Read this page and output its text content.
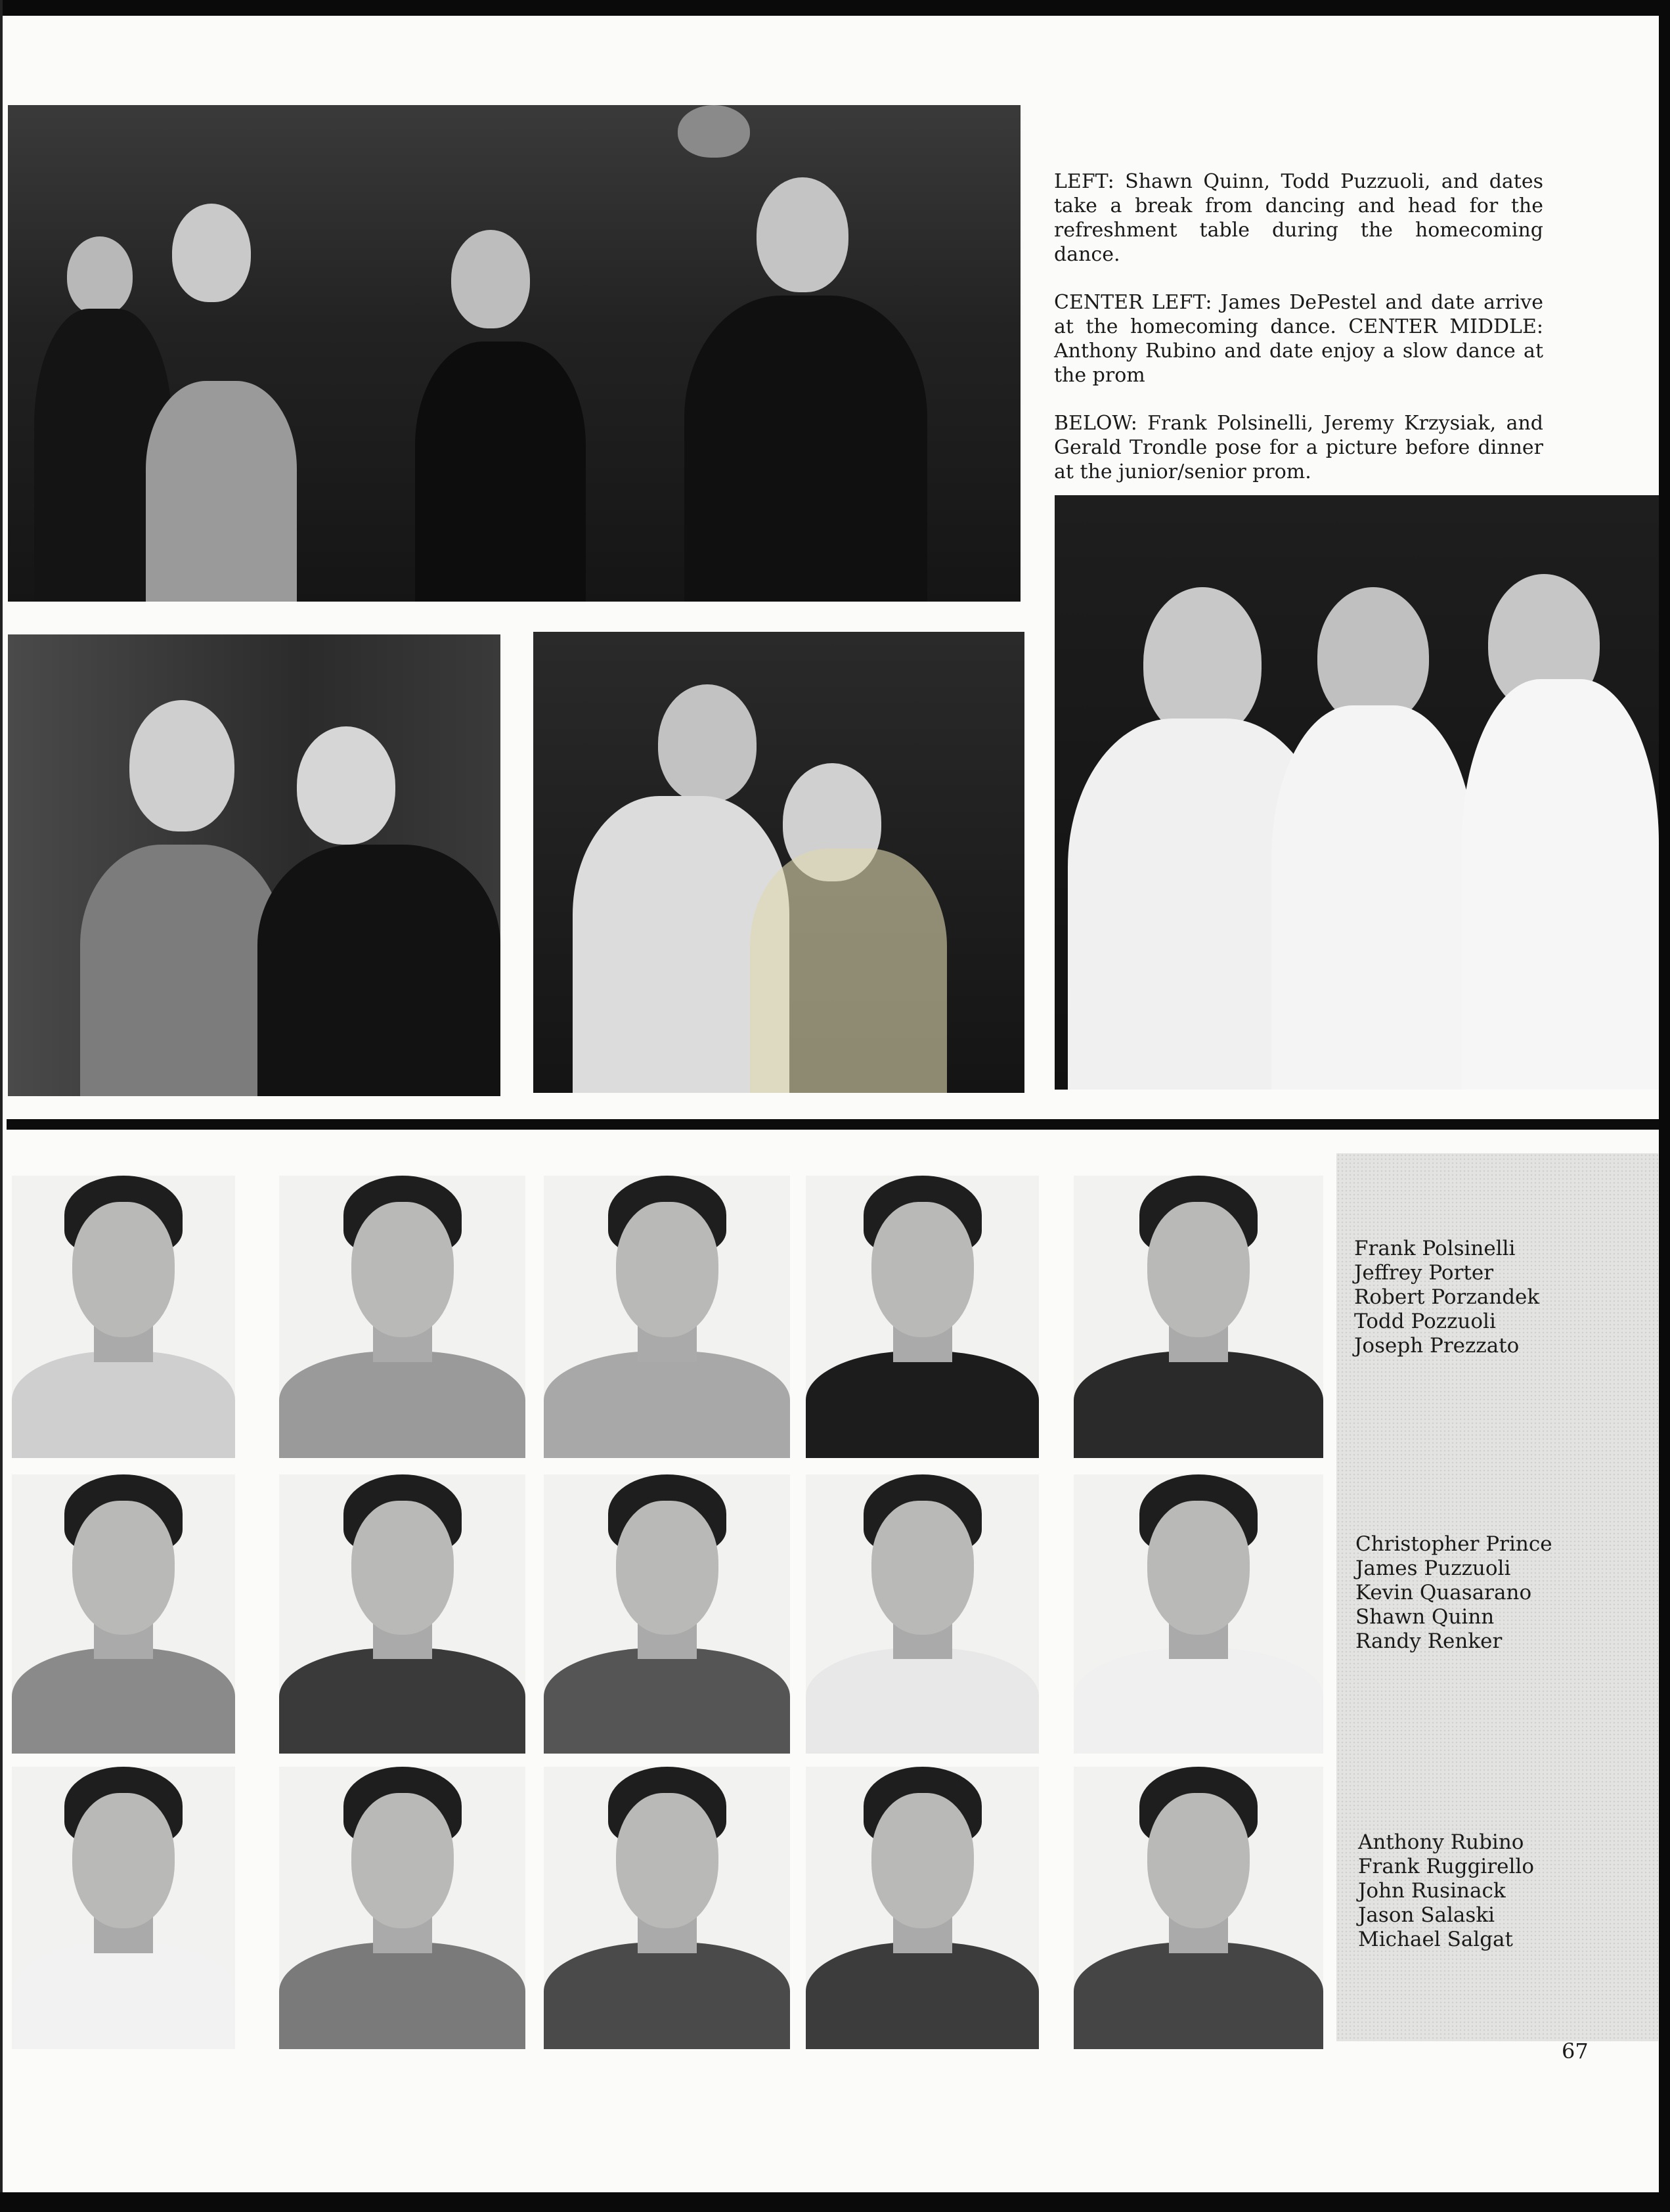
LEFT: Shawn Quinn, Todd Puzzuoli, and dates take a break from dancing and head for the refreshment table during the homecoming dance.

CENTER LEFT: James DePestel and date arrive at the homecoming dance. CENTER MIDDLE: Anthony Rubino and date enjoy a slow dance at the prom

BELOW: Frank Polsinelli, Jeremy Krzysiak, and Gerald Trondle pose for a picture before dinner at the junior/senior prom.

Frank Polsinelli
Jeffrey Porter
Robert Porzandek
Todd Pozzuoli
Joseph Prezzato
Christopher Prince
James Puzzuoli
Kevin Quasarano
Shawn Quinn
Randy Renker
Anthony Rubino
Frank Ruggirello
John Rusinack
Jason Salaski
Michael Salgat
67
